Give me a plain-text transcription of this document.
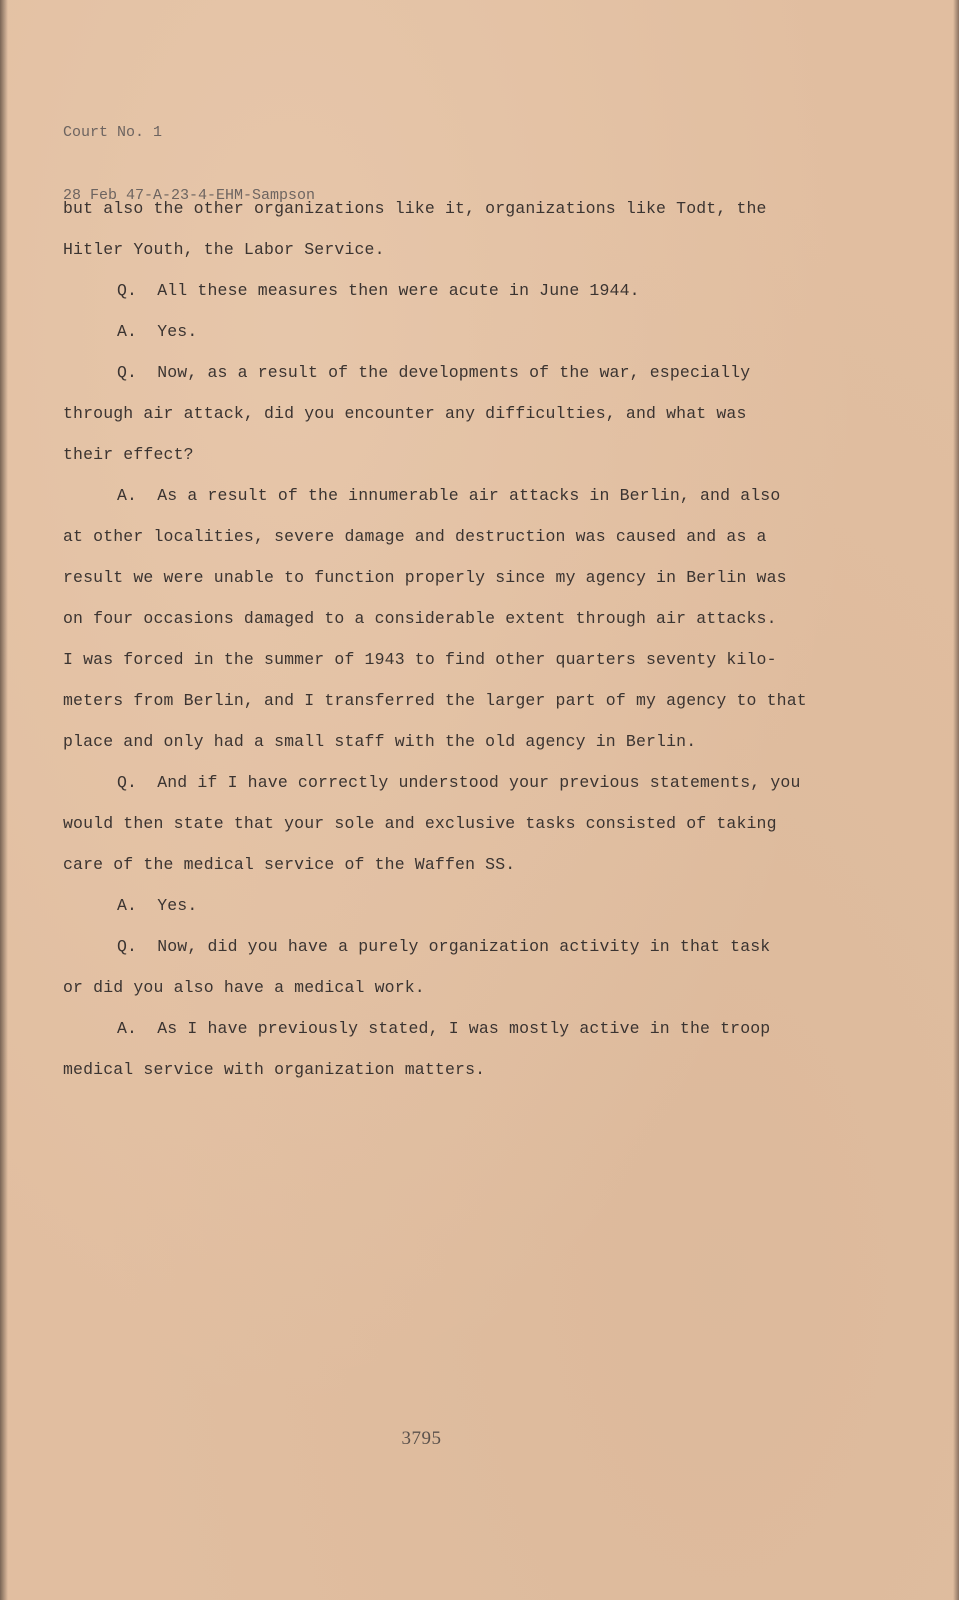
Court No. 1

28 Feb 47-A-23-4-EHM-Sampson

but also the other organizations like it, organizations like Todt, the
Hitler Youth, the Labor Service.
Q.  All these measures then were acute in June 1944.
A.  Yes.
Q.  Now, as a result of the developments of the war, especially
through air attack, did you encounter any difficulties, and what was
their effect?
A.  As a result of the innumerable air attacks in Berlin, and also
at other localities, severe damage and destruction was caused and as a
result we were unable to function properly since my agency in Berlin was
on four occasions damaged to a considerable extent through air attacks.
I was forced in the summer of 1943 to find other quarters seventy kilo-
meters from Berlin, and I transferred the larger part of my agency to that
place and only had a small staff with the old agency in Berlin.
Q.  And if I have correctly understood your previous statements, you
would then state that your sole and exclusive tasks consisted of taking
care of the medical service of the Waffen SS.
A.  Yes.
Q.  Now, did you have a purely organization activity in that task
or did you also have a medical work.
A.  As I have previously stated, I was mostly active in the troop
medical service with organization matters.
3795
